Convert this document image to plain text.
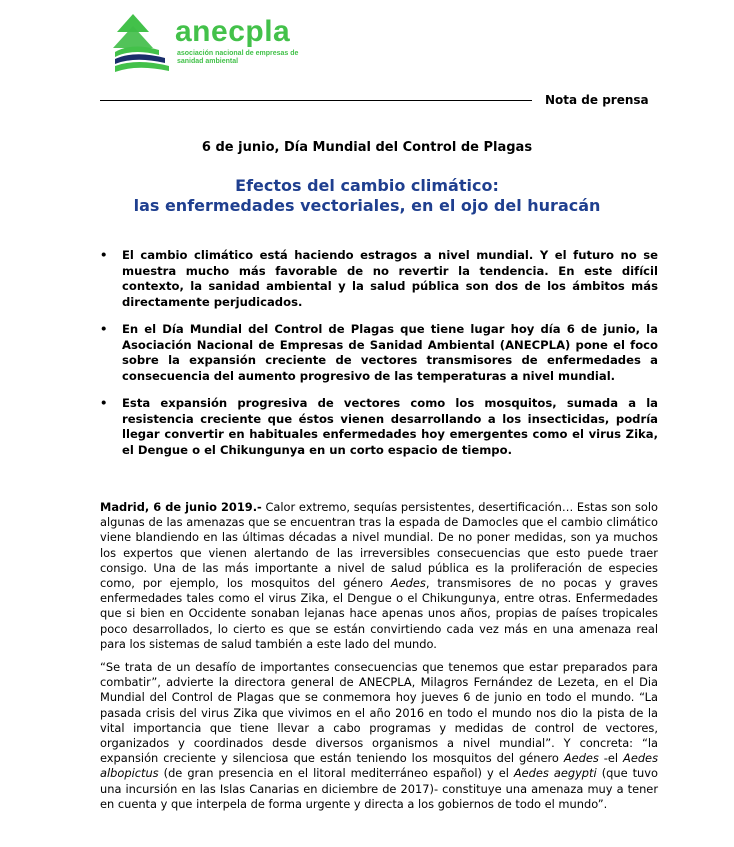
anecpla
asociación nacional de empresas de sanidad ambiental
Nota de prensa
6 de junio, Día Mundial del Control de Plagas
Efectos del cambio climático:
las enfermedades vectoriales, en el ojo del huracán
• El cambio climático está haciendo estragos a nivel mundial. Y el futuro no se muestra mucho más favorable de no revertir la tendencia. En este difícil contexto, la sanidad ambiental y la salud pública son dos de los ámbitos más directamente perjudicados.
• En el Día Mundial del Control de Plagas que tiene lugar hoy día 6 de junio, la Asociación Nacional de Empresas de Sanidad Ambiental (ANECPLA) pone el foco sobre la expansión creciente de vectores transmisores de enfermedades a consecuencia del aumento progresivo de las temperaturas a nivel mundial.
• Esta expansión progresiva de vectores como los mosquitos, sumada a la resistencia creciente que éstos vienen desarrollando a los insecticidas, podría llegar convertir en habituales enfermedades hoy emergentes como el virus Zika, el Dengue o el Chikungunya en un corto espacio de tiempo.

Madrid, 6 de junio 2019.- Calor extremo, sequías persistentes, desertificación… Estas son solo algunas de las amenazas que se encuentran tras la espada de Damocles que el cambio climático viene blandiendo en las últimas décadas a nivel mundial. De no poner medidas, son ya muchos los expertos que vienen alertando de las irreversibles consecuencias que esto puede traer consigo. Una de las más importante a nivel de salud pública es la proliferación de especies como, por ejemplo, los mosquitos del género Aedes, transmisores de no pocas y graves enfermedades tales como el virus Zika, el Dengue o el Chikungunya, entre otras. Enfermedades que si bien en Occidente sonaban lejanas hace apenas unos años, propias de países tropicales poco desarrollados, lo cierto es que se están convirtiendo cada vez más en una amenaza real para los sistemas de salud también a este lado del mundo.

“Se trata de un desafío de importantes consecuencias que tenemos que estar preparados para combatir”, advierte la directora general de ANECPLA, Milagros Fernández de Lezeta, en el Dia Mundial del Control de Plagas que se conmemora hoy jueves 6 de junio en todo el mundo. “La pasada crisis del virus Zika que vivimos en el año 2016 en todo el mundo nos dio la pista de la vital importancia que tiene llevar a cabo programas y medidas de control de vectores, organizados y coordinados desde diversos organismos a nivel mundial”. Y concreta: “la expansión creciente y silenciosa que están teniendo los mosquitos del género Aedes -el Aedes albopictus (de gran presencia en el litoral mediterráneo español) y el Aedes aegypti (que tuvo una incursión en las Islas Canarias en diciembre de 2017)- constituye una amenaza muy a tener en cuenta y que interpela de forma urgente y directa a los gobiernos de todo el mundo”.
